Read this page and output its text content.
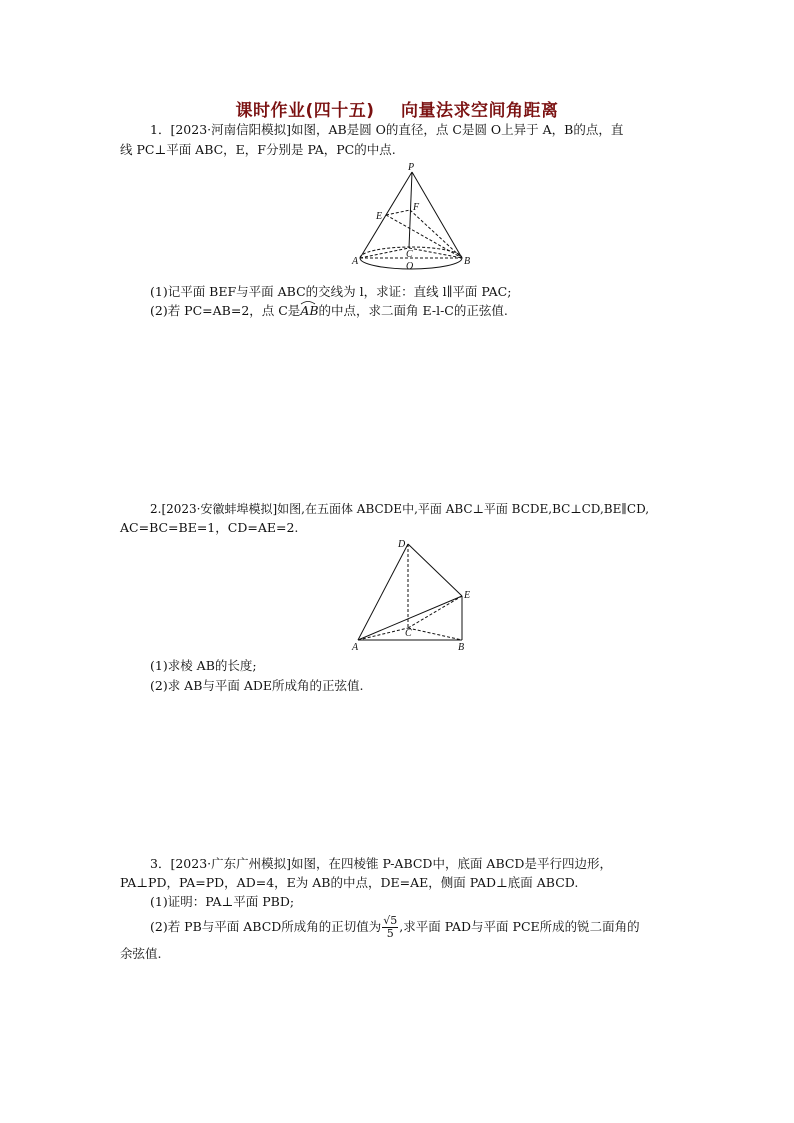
课时作业(四十五) 向量法求空间角距离
1．[2023·河南信阳模拟]如图，AB是圆 O的直径，点 C是圆 O上异于 A，B的点，直
线 PC⊥平面 ABC，E，F分别是 PA，PC的中点.
P
E
F
C
A	O	B
(1)记平面 BEF与平面 ABC的交线为 l，求证：直线 l∥平面 PAC;
(2)若 PC=AB=2，点 C是AB
的中点，求二面角 E-l-C的正弦值.
2.[2023·安徽蚌埠模拟]如图,在五面体 ABCDE中,平面 ABC⊥平面 BCDE,BC⊥CD,BE∥CD,
AC=BC=BE=1，CD=AE=2.
D
E
C
A	B
(1)求棱 AB的长度;
(2)求 AB与平面 ADE所成角的正弦值.
3．[2023·广东广州模拟]如图，在四棱锥 P-ABCD中，底面 ABCD是平行四边形，
PA⊥PD，PA=PD，AD=4，E为 AB的中点，DE=AE，侧面 PAD⊥底面 ABCD.
(1)证明：PA⊥平面 PBD;
(2)若 PB与平面 ABCD所成角的正切值为 $\frac{√5}{5}$ ,求平面 PAD与平面 PCE所成的锐二面角的
余弦值.
